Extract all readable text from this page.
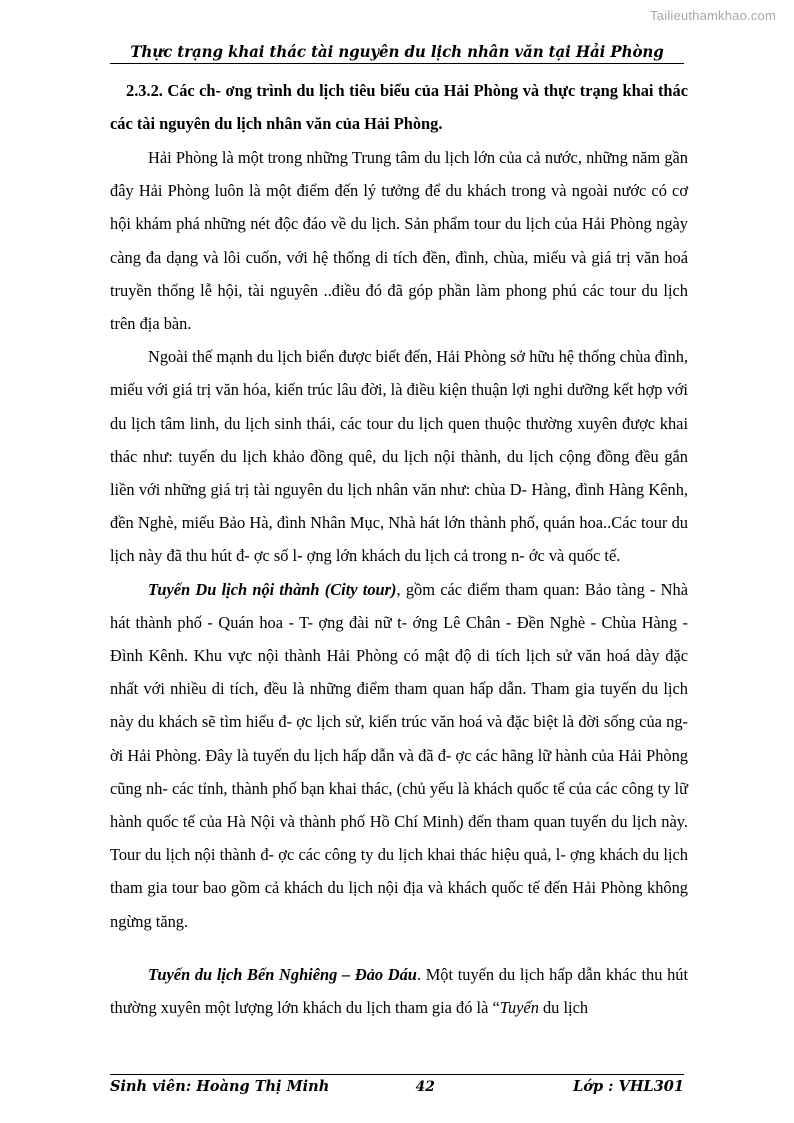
Tailieuthamkhao.com
Thực trạng khai thác tài nguyên du lịch nhân văn tại Hải Phòng
2.3.2. Các ch- ơng trình du lịch tiêu biểu của Hải Phòng và thực trạng khai thác các tài nguyên du lịch nhân văn của Hải Phòng.

Hải Phòng là một trong những Trung tâm du lịch lớn của cả nước, những năm gần đây Hải Phòng luôn là một điểm đến lý tưởng để du khách trong và ngoài nước có cơ hội khám phá những nét độc đáo về du lịch. Sản phẩm tour du lịch của Hải Phòng ngày càng đa dạng và lôi cuốn, với hệ thống di tích đền, đình, chùa, miếu và giá trị văn hoá truyền thống lễ hội, tài nguyên ..điều đó đã góp phần làm phong phú các tour du lịch trên địa bàn.

Ngoài thế mạnh du lịch biển được biết đến, Hải Phòng sở hữu hệ thống chùa đình, miếu với giá trị văn hóa, kiến trúc lâu đời, là điều kiện thuận lợi nghi dưỡng kết hợp với du lịch tâm linh, du lịch sinh thái, các tour du lịch quen thuộc thường xuyên được khai thác như: tuyến du lịch khảo đồng quê, du lịch nội thành, du lịch cộng đồng đều gắn liền với những giá trị tài nguyên du lịch nhân văn như: chùa D- Hàng, đình Hàng Kênh, đền Nghè, miếu Bảo Hà, đình Nhân Mục, Nhà hát lớn thành phố, quán hoa..Các tour du lịch này đã thu hút đ- ợc số l- ợng lớn khách du lịch cả trong n- ớc và quốc tế.

Tuyến Du lịch nội thành (City tour), gồm các điểm tham quan: Bảo tàng - Nhà hát thành phố - Quán hoa - T- ợng đài nữ t- ớng Lê Chân - Đền Nghè - Chùa Hàng - Đình Kênh. Khu vực nội thành Hải Phòng có mật độ di tích lịch sử văn hoá dày đặc nhất với nhiều di tích, đều là những điểm tham quan hấp dẫn. Tham gia tuyến du lịch này du khách sẽ tìm hiểu đ- ợc lịch sử, kiến trúc văn hoá và đặc biệt là đời sống của ng- ời Hải Phòng. Đây là tuyến du lịch hấp dẫn và đã đ- ợc các hãng lữ hành của Hải Phòng cũng nh- các tỉnh, thành phố bạn khai thác, (chủ yếu là khách quốc tế của các công ty lữ hành quốc tế của Hà Nội và thành phố Hồ Chí Minh) đến tham quan tuyến du lịch này. Tour du lịch nội thành đ- ợc các công ty du lịch khai thác hiệu quả, l- ợng khách du lịch tham gia tour bao gồm cả khách du lịch nội địa và khách quốc tế đến Hải Phòng không ngừng tăng.

Tuyến du lịch Bến Nghiêng – Đảo Dáu. Một tuyến du lịch hấp dẫn khác thu hút thường xuyên một lượng lớn khách du lịch tham gia đó là “Tuyến du lịch

Sinh viên: Hoàng Thị Minh	42	Lớp : VHL301
